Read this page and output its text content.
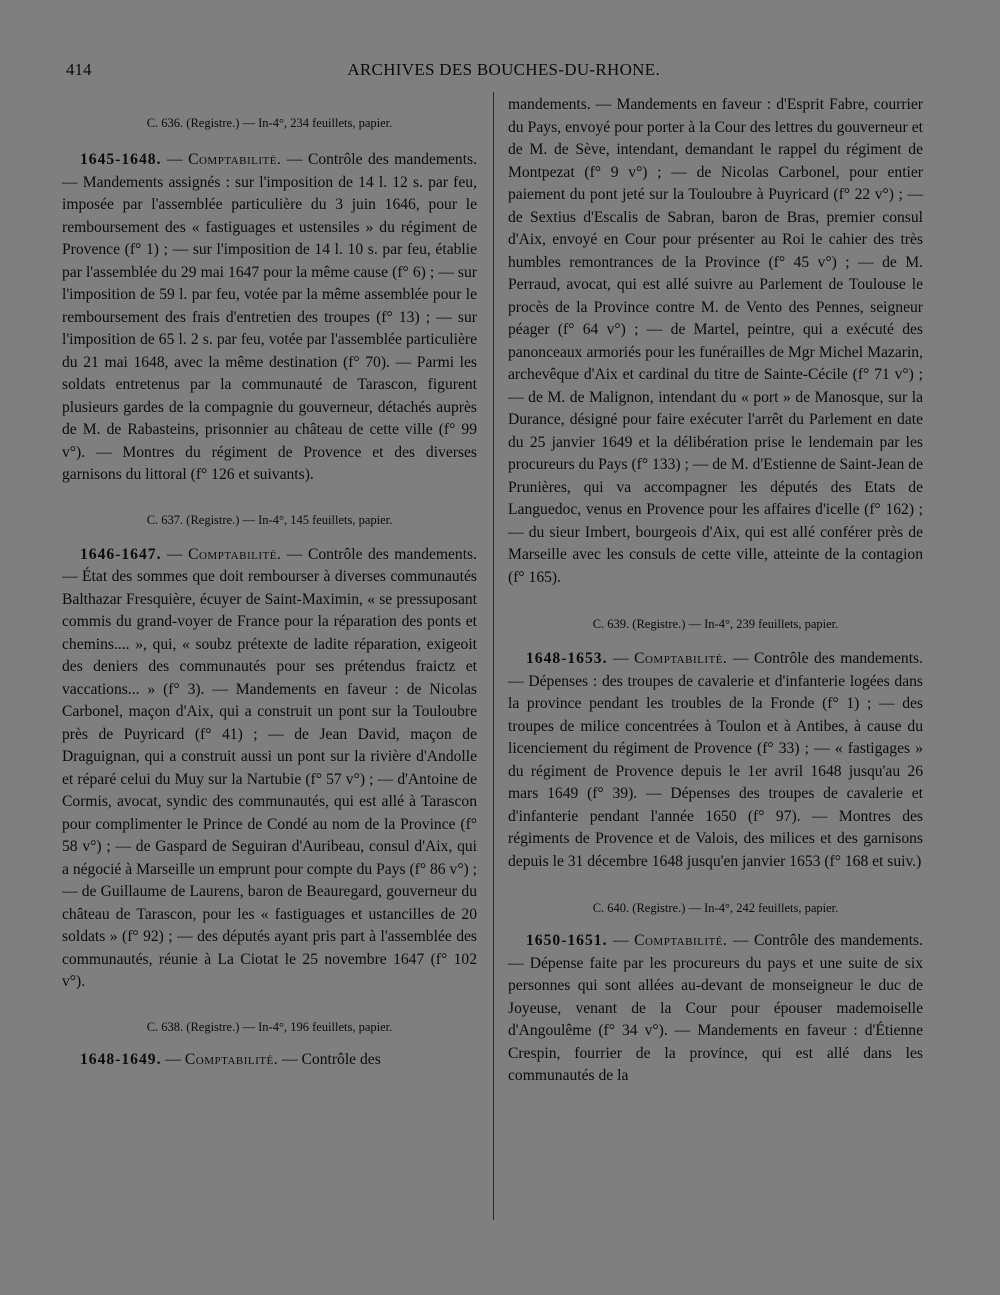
414	ARCHIVES DES BOUCHES-DU-RHONE.

C. 636. (Registre.) — In-4°, 234 feuillets, papier.

1645-1648. — Comptabilité. — Contrôle des mandements. — Mandements assignés : sur l'imposition de 14 l. 12 s. par feu, imposée par l'assemblée particulière du 3 juin 1646, pour le remboursement des « fastiguages et ustensiles » du régiment de Provence (f° 1) ; — sur l'imposition de 14 l. 10 s. par feu, établie par l'assemblée du 29 mai 1647 pour la même cause (f° 6) ; — sur l'imposition de 59 l. par feu, votée par la même assemblée pour le remboursement des frais d'entretien des troupes (f° 13) ; — sur l'imposition de 65 l. 2 s. par feu, votée par l'assemblée particulière du 21 mai 1648, avec la même destination (f° 70). — Parmi les soldats entretenus par la communauté de Tarascon, figurent plusieurs gardes de la compagnie du gouverneur, détachés auprès de M. de Rabasteins, prisonnier au château de cette ville (f° 99 v°). — Montres du régiment de Provence et des diverses garnisons du littoral (f° 126 et suivants).

C. 637. (Registre.) — In-4°, 145 feuillets, papier.

1646-1647. — Comptabilité. — Contrôle des mandements. — État des sommes que doit rembourser à diverses communautés Balthazar Fresquière, écuyer de Saint-Maximin, « se pressuposant commis du grand-voyer de France pour la réparation des ponts et chemins.... », qui, « soubz prétexte de ladite réparation, exigeoit des deniers des communautés pour ses prétendus fraictz et vaccations... » (f° 3). — Mandements en faveur : de Nicolas Carbonel, maçon d'Aix, qui a construit un pont sur la Touloubre près de Puyricard (f° 41) ; — de Jean David, maçon de Draguignan, qui a construit aussi un pont sur la rivière d'Andolle et réparé celui du Muy sur la Nartubie (f° 57 v°) ; — d'Antoine de Cormis, avocat, syndic des communautés, qui est allé à Tarascon pour complimenter le Prince de Condé au nom de la Province (f° 58 v°) ; — de Gaspard de Seguiran d'Auribeau, consul d'Aix, qui a négocié à Marseille un emprunt pour compte du Pays (f° 86 v°) ; — de Guillaume de Laurens, baron de Beauregard, gouverneur du château de Tarascon, pour les « fastiguages et ustancilles de 20 soldats » (f° 92) ; — des députés ayant pris part à l'assemblée des communautés, réunie à La Ciotat le 25 novembre 1647 (f° 102 v°).

C. 638. (Registre.) — In-4°, 196 feuillets, papier.

1648-1649. — Comptabilité. — Contrôle des

mandements. — Mandements en faveur : d'Esprit Fabre, courrier du Pays, envoyé pour porter à la Cour des lettres du gouverneur et de M. de Sève, intendant, demandant le rappel du régiment de Montpezat (f° 9 v°) ; — de Nicolas Carbonel, pour entier paiement du pont jeté sur la Touloubre à Puyricard (f° 22 v°) ; — de Sextius d'Escalis de Sabran, baron de Bras, premier consul d'Aix, envoyé en Cour pour présenter au Roi le cahier des très humbles remontrances de la Province (f° 45 v°) ; — de M. Perraud, avocat, qui est allé suivre au Parlement de Toulouse le procès de la Province contre M. de Vento des Pennes, seigneur péager (f° 64 v°) ; — de Martel, peintre, qui a exécuté des panonceaux armoriés pour les funérailles de Mgr Michel Mazarin, archevêque d'Aix et cardinal du titre de Sainte-Cécile (f° 71 v°) ; — de M. de Malignon, intendant du « port » de Manosque, sur la Durance, désigné pour faire exécuter l'arrêt du Parlement en date du 25 janvier 1649 et la délibération prise le lendemain par les procureurs du Pays (f° 133) ; — de M. d'Estienne de Saint-Jean de Prunières, qui va accompagner les députés des Etats de Languedoc, venus en Provence pour les affaires d'icelle (f° 162) ; — du sieur Imbert, bourgeois d'Aix, qui est allé conférer près de Marseille avec les consuls de cette ville, atteinte de la contagion (f° 165).

C. 639. (Registre.) — In-4°, 239 feuillets, papier.

1648-1653. — Comptabilité. — Contrôle des mandements. — Dépenses : des troupes de cavalerie et d'infanterie logées dans la province pendant les troubles de la Fronde (f° 1) ; — des troupes de milice concentrées à Toulon et à Antibes, à cause du licenciement du régiment de Provence (f° 33) ; — « fastigages » du régiment de Provence depuis le 1er avril 1648 jusqu'au 26 mars 1649 (f° 39). — Dépenses des troupes de cavalerie et d'infanterie pendant l'année 1650 (f° 97). — Montres des régiments de Provence et de Valois, des milices et des garnisons depuis le 31 décembre 1648 jusqu'en janvier 1653 (f° 168 et suiv.)

C. 640. (Registre.) — In-4°, 242 feuillets, papier.

1650-1651. — Comptabilité. — Contrôle des mandements. — Dépense faite par les procureurs du pays et une suite de six personnes qui sont allées au-devant de monseigneur le duc de Joyeuse, venant de la Cour pour épouser mademoiselle d'Angoulême (f° 34 v°). — Mandements en faveur : d'Étienne Crespin, fourrier de la province, qui est allé dans les communautés de la
